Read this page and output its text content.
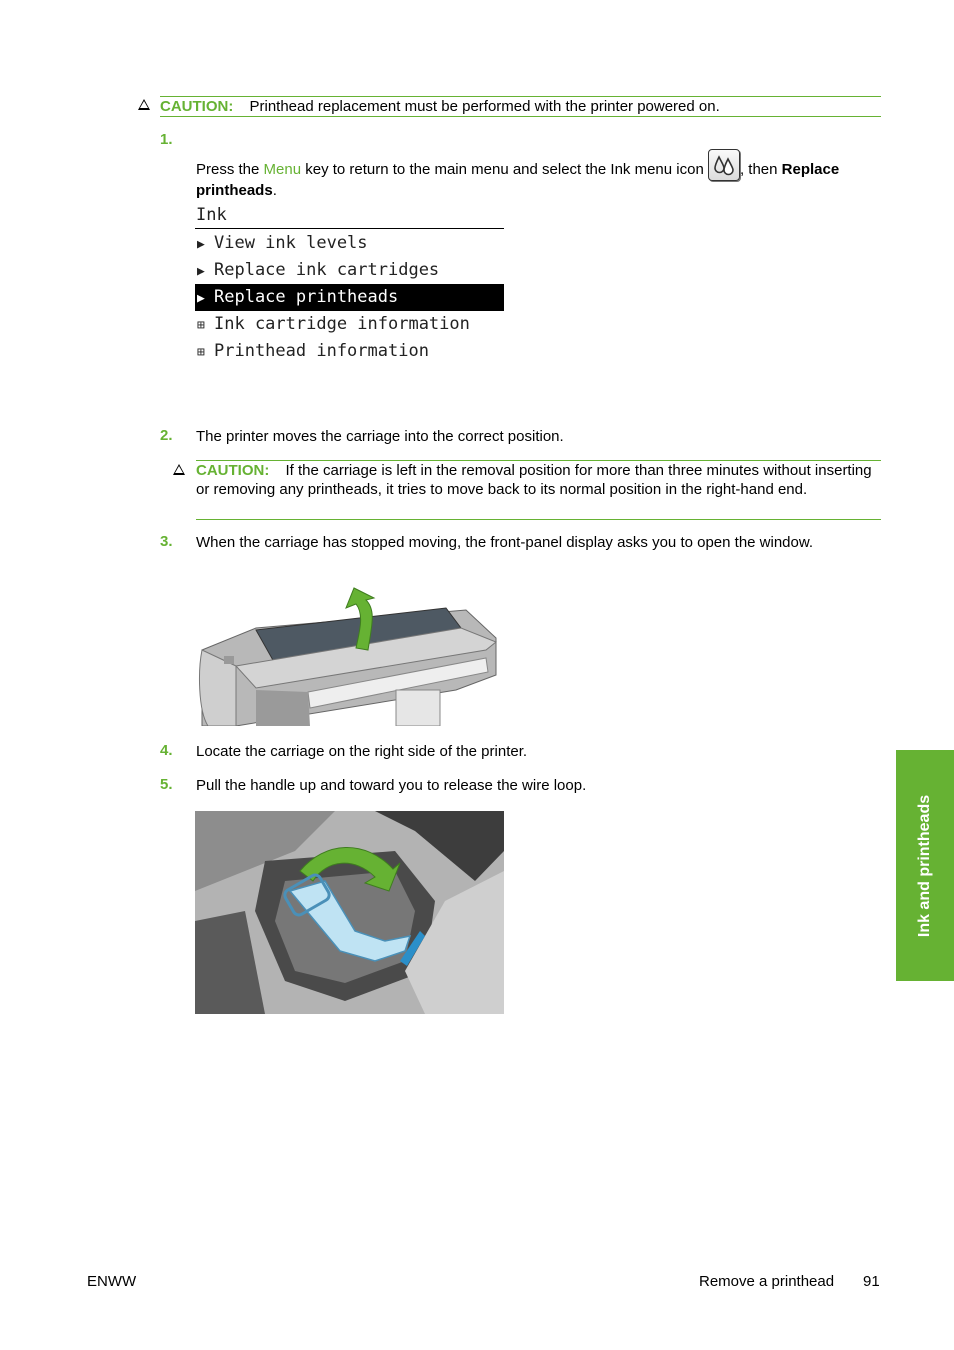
CAUTION: Printhead replacement must be performed with the printer powered on.
1.
Press the Menu key to return to the main menu and select the Ink menu icon , then Replace printheads.
Ink
▶ View ink levels
▶ Replace ink cartridges
▶ Replace printheads
⊞ Ink cartridge information
⊞ Printhead information
2. The printer moves the carriage into the correct position.
CAUTION: If the carriage is left in the removal position for more than three minutes without inserting or removing any printheads, it tries to move back to its normal position in the right-hand end.
3. When the carriage has stopped moving, the front-panel display asks you to open the window.
4. Locate the carriage on the right side of the printer.
5. Pull the handle up and toward you to release the wire loop.
Ink and printheads
ENWW	Remove a printhead 91
